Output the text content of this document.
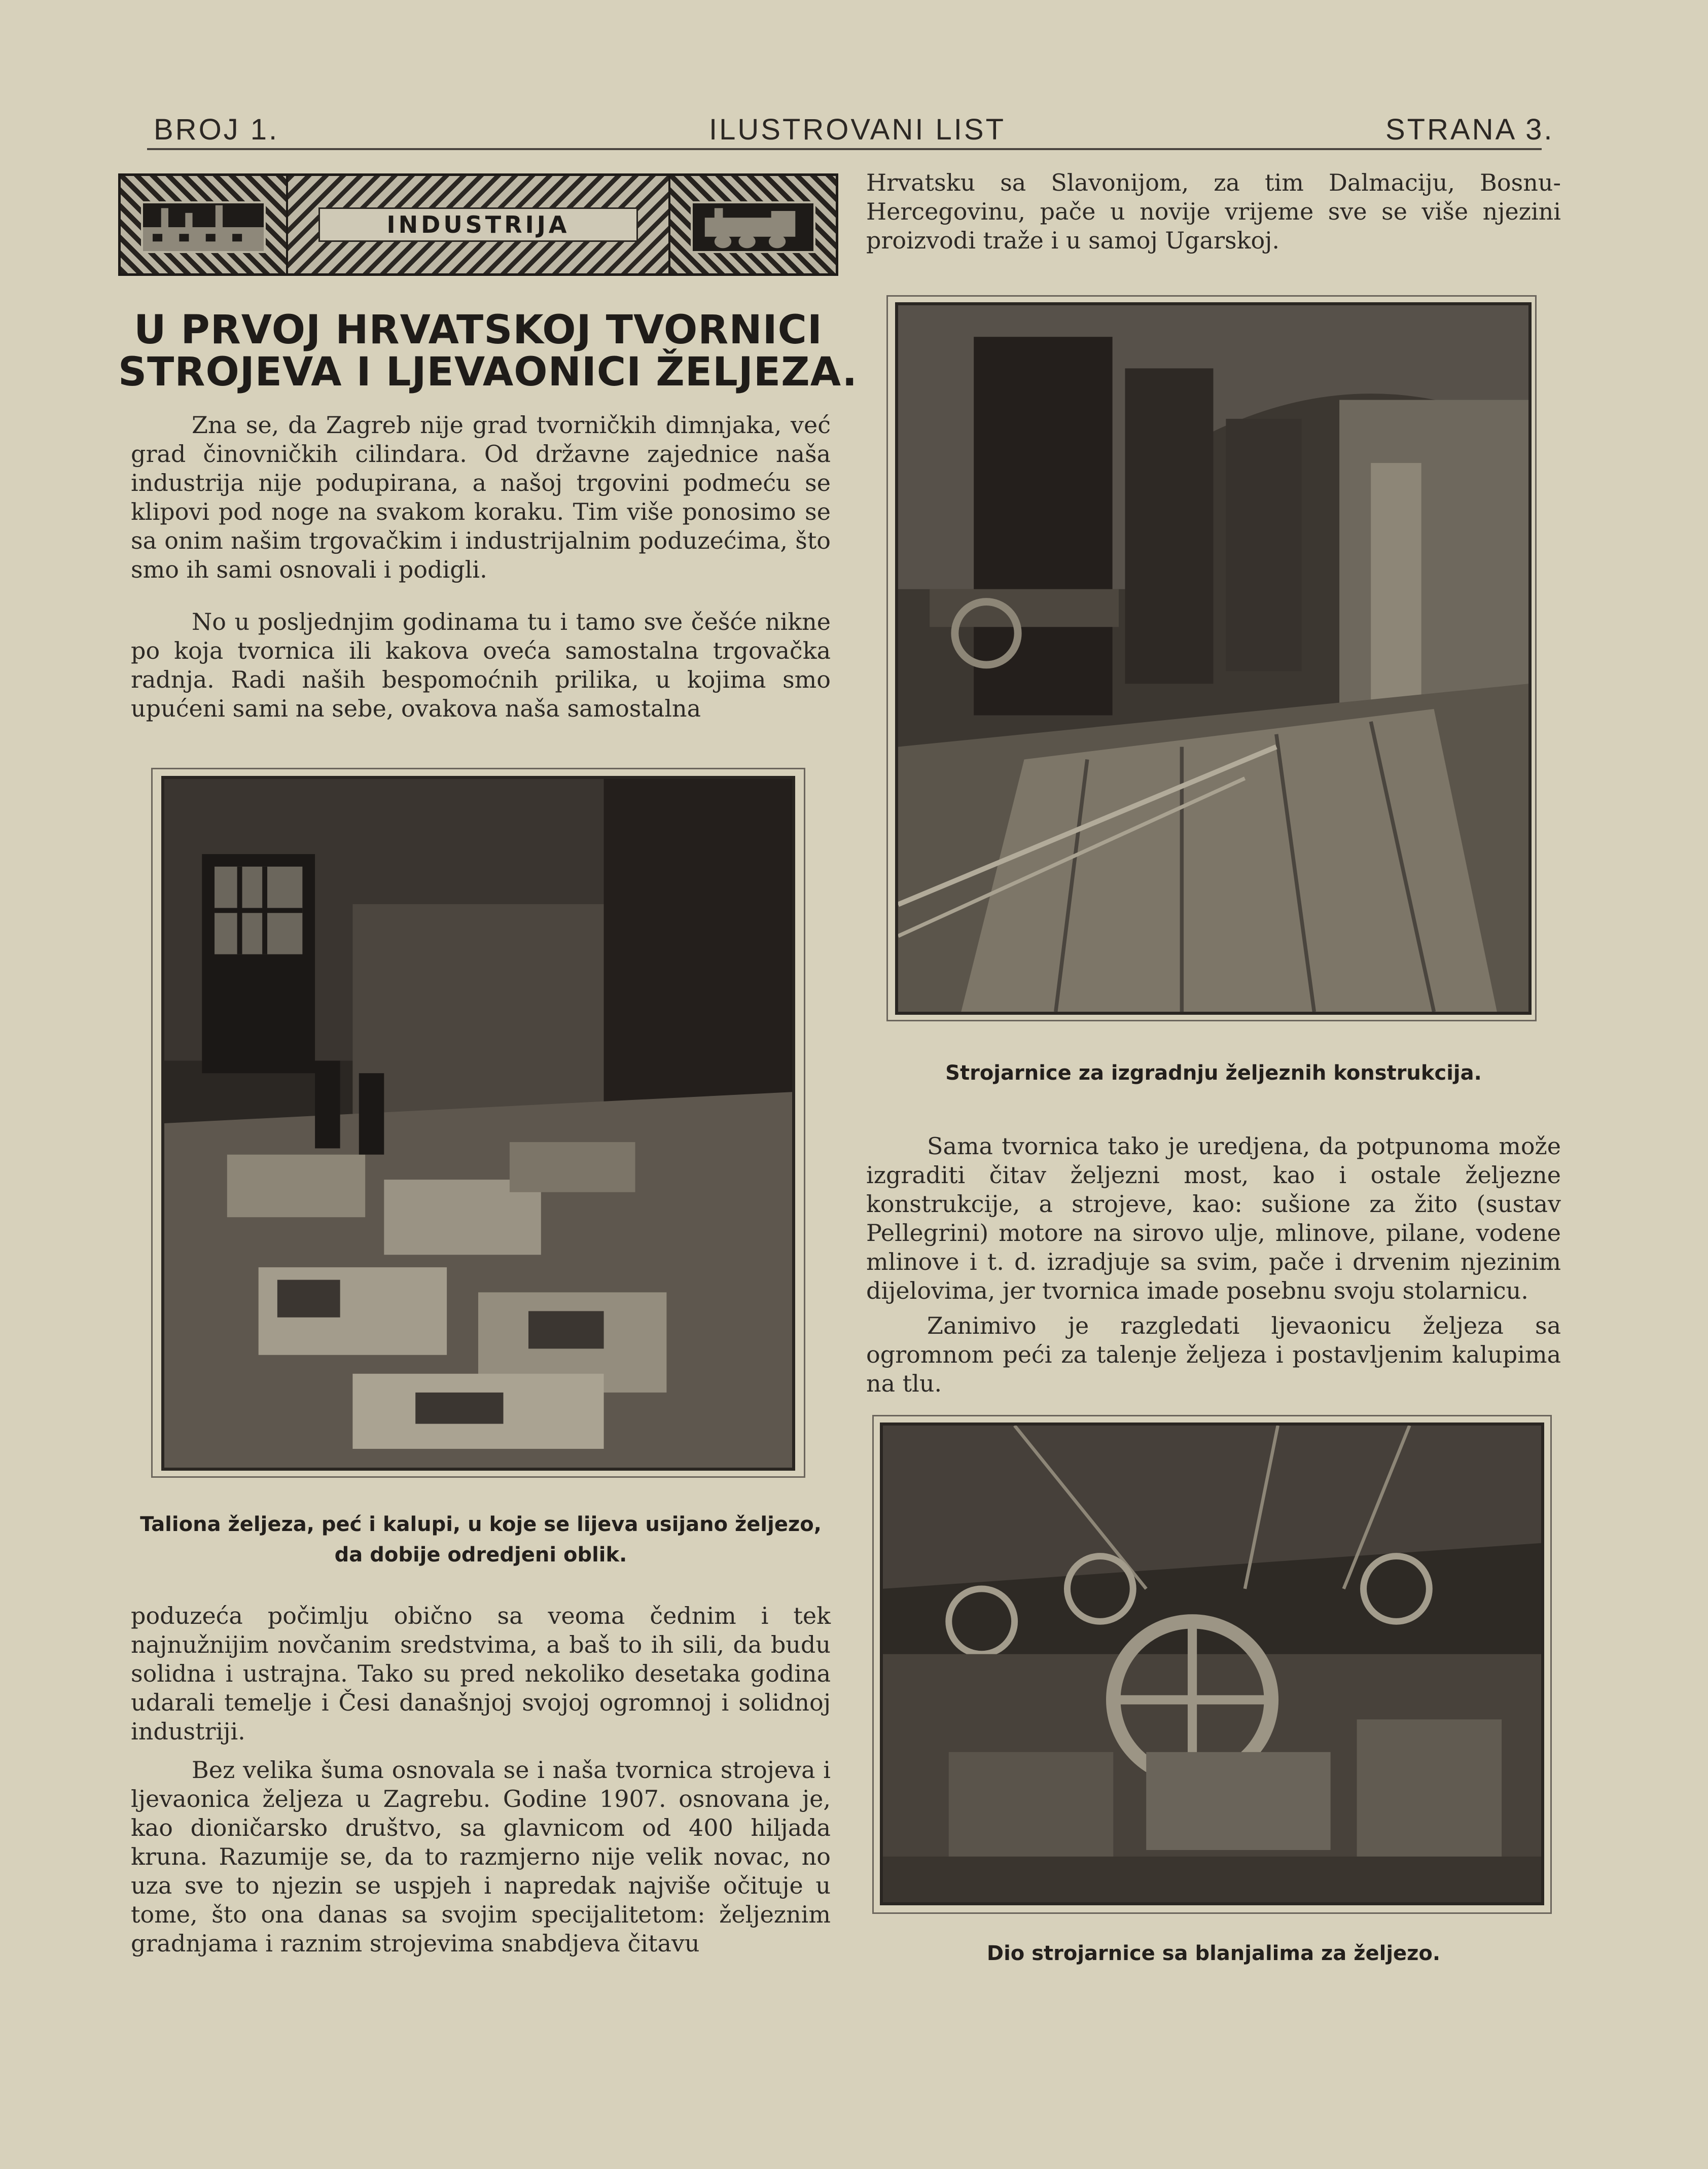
BROJ 1.	ILUSTROVANI LIST	STRANA 3.
INDUSTRIJA
U PRVOJ HRVATSKOJ TVORNICI
STROJEVA I LJEVAONICI ŽELJEZA.

Zna se, da Zagreb nije grad tvorničkih dimnjaka, već grad činovničkih cilindara. Od državne zajednice naša industrija nije podupirana, a našoj trgovini podmeću se klipovi pod noge na svakom koraku. Tim više ponosimo se sa onim našim trgovačkim i industrijalnim poduzećima, što smo ih sami osnovali i podigli.

No u posljednjim godinama tu i tamo sve češće nikne po koja tvornica ili kakova oveća samostalna trgovačka radnja. Radi naših bespomoćnih prilika, u kojima smo upućeni sami na sebe, ovakova naša samostalna

Taliona željeza, peć i kalupi, u koje se lijeva usijano željezo, da dobije odredjeni oblik.

poduzeća počimlju obično sa veoma čednim i tek najnužnijim novčanim sredstvima, a baš to ih sili, da budu solidna i ustrajna. Tako su pred nekoliko desetaka godina udarali temelje i Česi današnjoj svojoj ogromnoj i solidnoj industriji.

Bez velika šuma osnovala se i naša tvornica strojeva i ljevaonica željeza u Zagrebu. Godine 1907. osnovana je, kao dioničarsko društvo, sa glavnicom od 400 hiljada kruna. Razumije se, da to razmjerno nije velik novac, no uza sve to njezin se uspjeh i napredak najviše očituje u tome, što ona danas sa svojim specijalitetom: željeznim gradnjama i raznim strojevima snabdjeva čitavu

Hrvatsku sa Slavonijom, za tim Dalmaciju, Bosnu-Hercegovinu, pače u novije vrijeme sve se više njezini proizvodi traže i u samoj Ugarskoj.

Strojarnice za izgradnju željeznih konstrukcija.

Sama tvornica tako je uredjena, da potpunoma može izgraditi čitav željezni most, kao i ostale željezne konstrukcije, a strojeve, kao: sušione za žito (sustav Pellegrini) motore na sirovo ulje, mlinove, pilane, vodene mlinove i t. d. izradjuje sa svim, pače i drvenim njezinim dijelovima, jer tvornica imade posebnu svoju stolarnicu.

Zanimivo je razgledati ljevaonicu željeza sa ogromnom peći za talenje željeza i postavljenim kalupima na tlu.

Dio strojarnice sa blanjalima za željezo.
